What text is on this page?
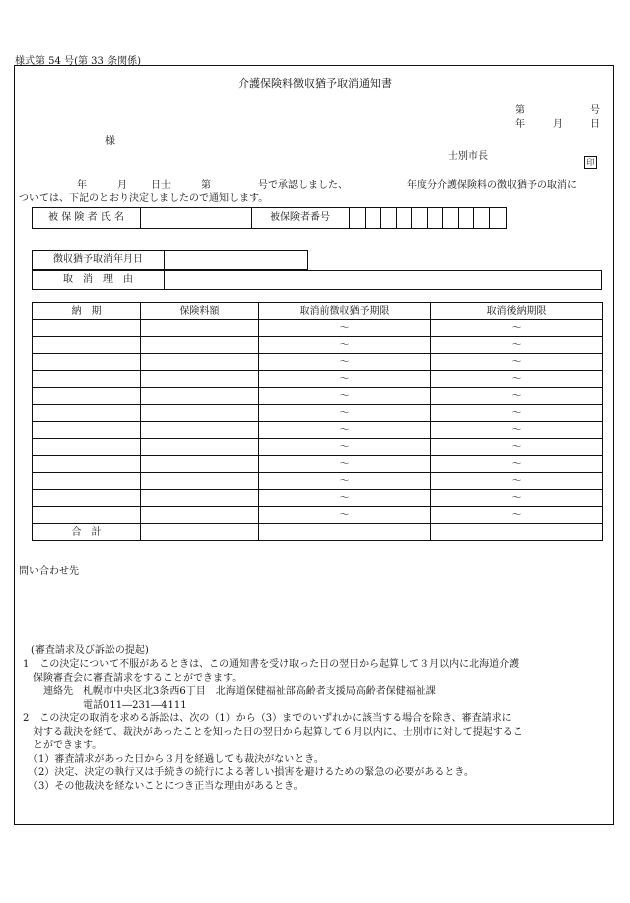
様式第 54 号(第 33 条関係)
介護保険料徴収猶予取消通知書
第	号
年	月	日
様
士別市長
印
年	月 日士	第	号で承認しました、	年度分介護保険料の徴収猶予の取消に
ついては、下記のとおり決定しましたので通知します。
被 保 険 者 氏 名	被保険者番号
徴収猶予取消年月日
取　消　理　由
納　期	保険料額	取消前徴収猶予期限	取消後納期限
		～	～
		～	～
		～	～
		～	～
		～	～
		～	～
		～	～
		～	～
		～	～
		～	～
		～	～
		～	～
合　計			
問い合わせ先
(審査請求及び訴訟の提起)
1　この決定について不服があるときは、この通知書を受け取った日の翌日から起算して３月以内に北海道介護
　保険審査会に審査請求をすることができます。
　　連絡先　札幌市中央区北3条西6丁目　北海道保健福祉部高齢者支援局高齢者保健福祉課
　　　　　　電話011―231―4111
2　この決定の取消を求める訴訟は、次の（1）から（3）までのいずれかに該当する場合を除き、審査請求に
　対する裁決を経て、裁決があったことを知った日の翌日から起算して６月以内に、士別市に対して提起するこ
　とができます。
　（1）審査請求があった日から３月を経過しても裁決がないとき。
　（2）決定、決定の執行又は手続きの続行による著しい損害を避けるための緊急の必要があるとき。
　（3）その他裁決を経ないことにつき正当な理由があるとき。
